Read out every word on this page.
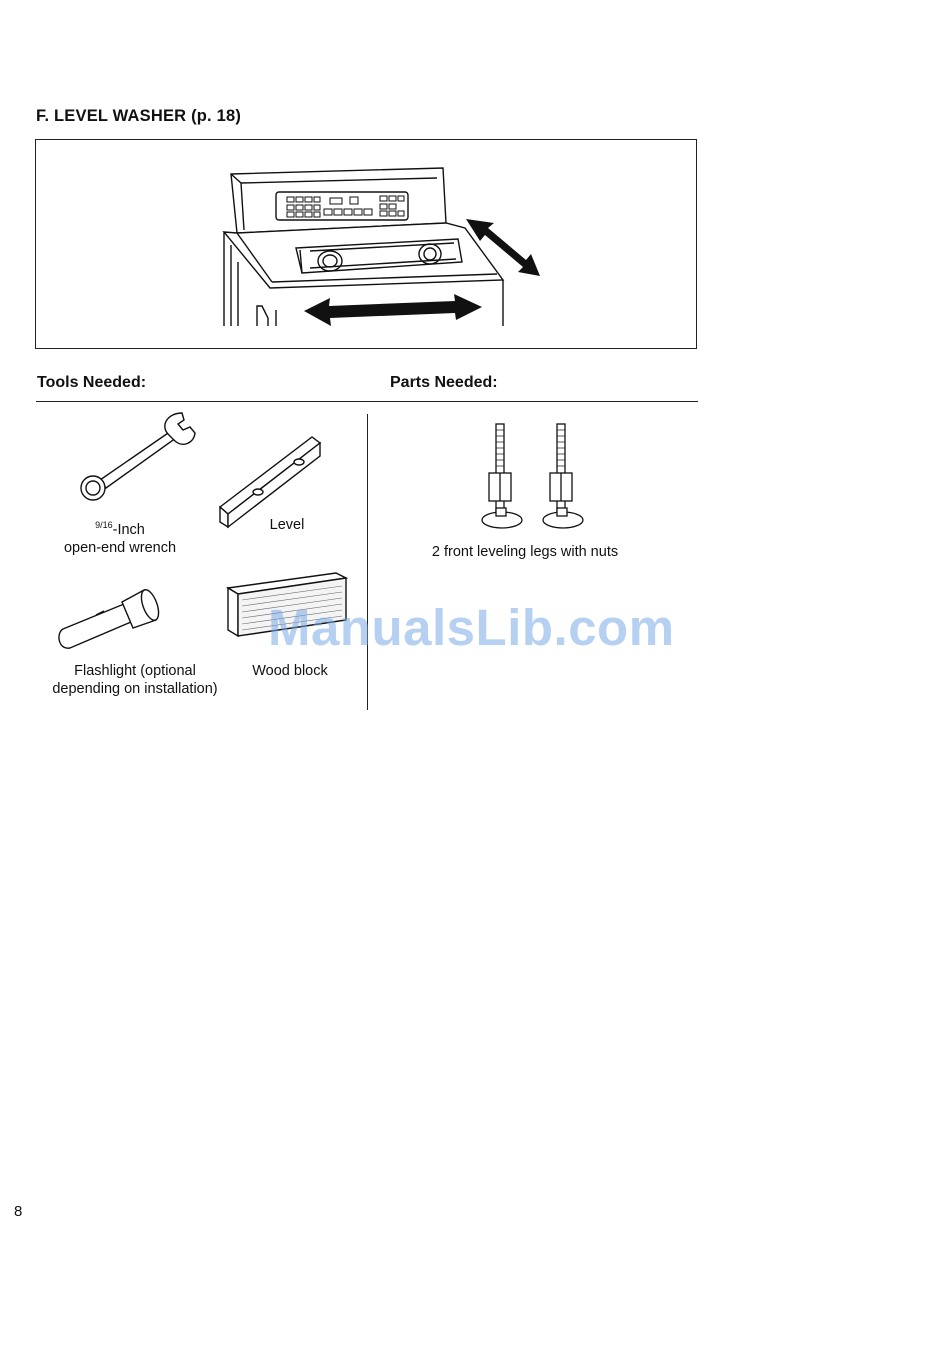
F. LEVEL WASHER (p. 18)
Tools Needed:	Parts Needed:
$^{9/16}$-Inch
open-end wrench
Level
Flashlight (optional
depending on installation)
Wood block
2 front leveling legs with nuts
ManualsLib.com
8
